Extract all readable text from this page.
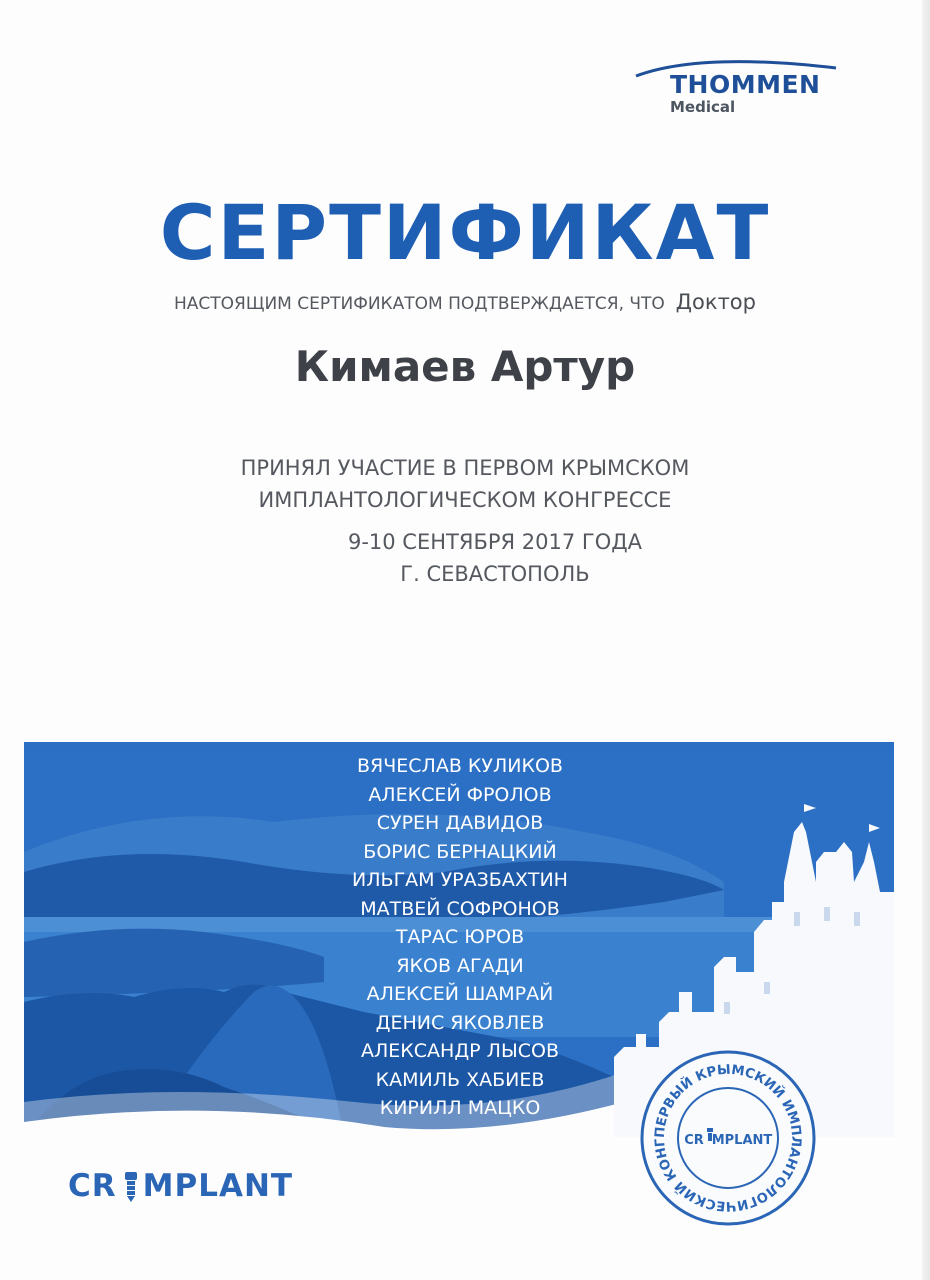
THOMMEN
Medical
СЕРТИФИКАТ
НАСТОЯЩИМ СЕРТИФИКАТОМ ПОДТВЕРЖДАЕТСЯ, ЧТО Доктор
Кимаев Артур
ПРИНЯЛ УЧАСТИЕ В ПЕРВОМ КРЫМСКОМ
ИМПЛАНТОЛОГИЧЕСКОМ КОНГРЕССЕ
9-10 СЕНТЯБРЯ 2017 ГОДА
Г. СЕВАСТОПОЛЬ
ВЯЧЕСЛАВ КУЛИКОВ
АЛЕКСЕЙ ФРОЛОВ
СУРЕН ДАВИДОВ
БОРИС БЕРНАЦКИЙ
ИЛЬГАМ УРАЗБАХТИН
МАТВЕЙ СОФРОНОВ
ТАРАС ЮРОВ
ЯКОВ АГАДИ
АЛЕКСЕЙ ШАМРАЙ
ДЕНИС ЯКОВЛЕВ
АЛЕКСАНДР ЛЫСОВ
КАМИЛЬ ХАБИЕВ
КИРИЛЛ МАЦКО
CR MPLANT
ПЕРВЫЙ КРЫМСКИЙ ИМПЛАНТОЛОГИЧЕСКИЙ КОНГ	CR MPLANT
